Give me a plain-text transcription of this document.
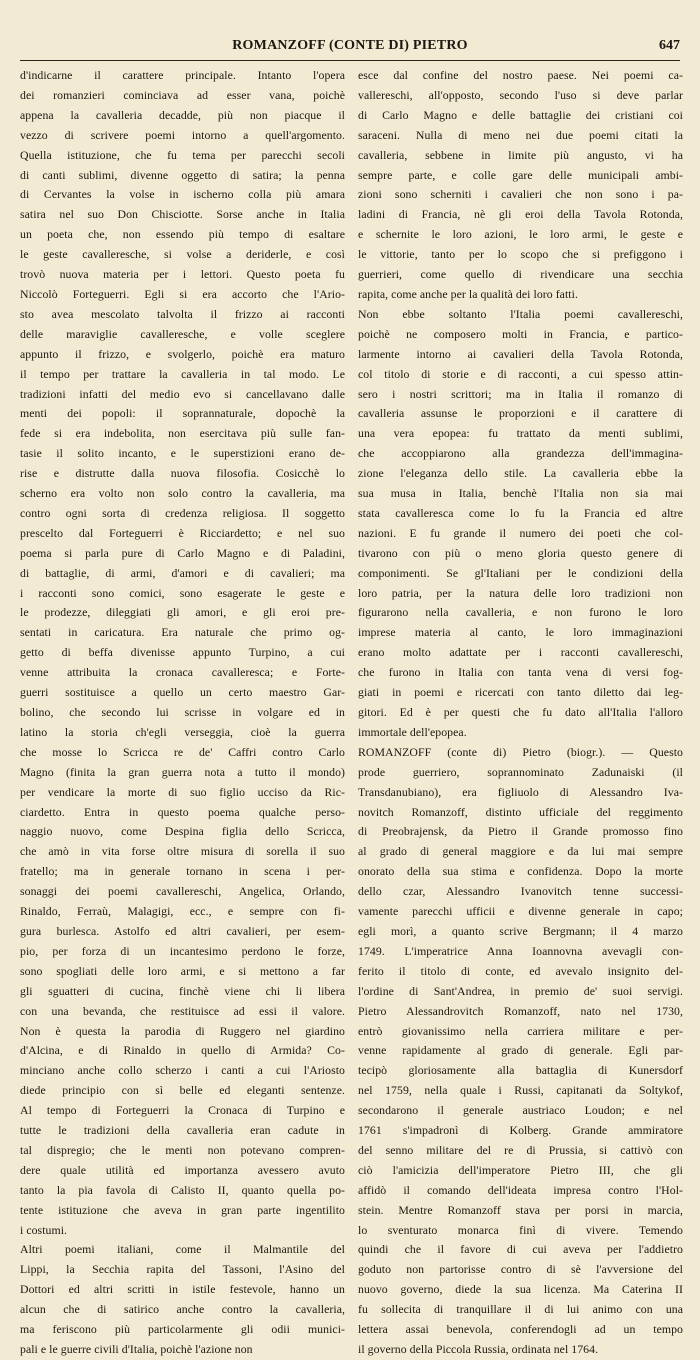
ROMANZOFF (CONTE DI) PIETRO	647
d'indicarne il carattere principale. Intanto l'opera
dei romanzieri cominciava ad esser vana, poichè
appena la cavalleria decadde, più non piacque il
vezzo di scrivere poemi intorno a quell'argomento.
Quella istituzione, che fu tema per parecchi secoli
di canti sublimi, divenne oggetto di satira; la penna
di Cervantes la volse in ischerno colla più amara
satira nel suo Don Chisciotte. Sorse anche in Italia
un poeta che, non essendo più tempo di esaltare
le geste cavalleresche, si volse a deriderle, e così
trovò nuova materia per i lettori. Questo poeta fu
Niccolò Forteguerri. Egli si era accorto che l'Ario-
sto avea mescolato talvolta il frizzo ai racconti
delle maraviglie cavalleresche, e volle sceglere
appunto il frizzo, e svolgerlo, poichè era maturo
il tempo per trattare la cavalleria in tal modo. Le
tradizioni infatti del medio evo si cancellavano dalle
menti dei popoli: il soprannaturale, dopochè la
fede si era indebolita, non esercitava più sulle fan-
tasie il solito incanto, e le superstizioni erano de-
rise e distrutte dalla nuova filosofia. Cosicchè lo
scherno era volto non solo contro la cavalleria, ma
contro ogni sorta di credenza religiosa. Il soggetto
prescelto dal Forteguerri è Ricciardetto; e nel suo
poema si parla pure di Carlo Magno e di Paladini,
di battaglie, di armi, d'amori e di cavalieri; ma
i racconti sono comici, sono esagerate le geste e
le prodezze, dileggiati gli amori, e gli eroi pre-
sentati in caricatura. Era naturale che primo og-
getto di beffa divenisse appunto Turpino, a cui
venne attribuita la cronaca cavalleresca; e Forte-
guerri sostituisce a quello un certo maestro Gar-
bolino, che secondo lui scrisse in volgare ed in
latino la storia ch'egli verseggia, cioè la guerra
che mosse lo Scricca re de' Caffri contro Carlo
Magno (finita la gran guerra nota a tutto il mondo)
per vendicare la morte di suo figlio ucciso da Ric-
ciardetto. Entra in questo poema qualche perso-
naggio nuovo, come Despina figlia dello Scricca,
che amò in vita forse oltre misura di sorella il suo
fratello; ma in generale tornano in scena i per-
sonaggi dei poemi cavallereschi, Angelica, Orlando,
Rinaldo, Ferraù, Malagigi, ecc., e sempre con fi-
gura burlesca. Astolfo ed altri cavalieri, per esem-
pio, per forza di un incantesimo perdono le forze,
sono spogliati delle loro armi, e si mettono a far
gli sguatteri di cucina, finchè viene chi li libera
con una bevanda, che restituisce ad essi il valore.
Non è questa la parodia di Ruggero nel giardino
d'Alcina, e di Rinaldo in quello di Armida? Co-
minciano anche collo scherzo i canti a cui l'Ariosto
diede principio con sì belle ed eleganti sentenze.
Al tempo di Forteguerri la Cronaca di Turpino e
tutte le tradizioni della cavalleria eran cadute in
tal dispregio; che le menti non potevano compren-
dere quale utilità ed importanza avessero avuto
tanto la pia favola di Calisto II, quanto quella po-
tente istituzione che aveva in gran parte ingentilito
i costumi.
Altri poemi italiani, come il Malmantile del
Lippi, la Secchia rapita del Tassoni, l'Asino del
Dottori ed altri scritti in istile festevole, hanno un
alcun che di satirico anche contro la cavalleria,
ma feriscono più particolarmente gli odii munici-
pali e le guerre civili d'Italia, poichè l'azione non
esce dal confine del nostro paese. Nei poemi ca-
vallereschi, all'opposto, secondo l'uso si deve parlar
di Carlo Magno e delle battaglie dei cristiani coi
saraceni. Nulla di meno nei due poemi citati la
cavalleria, sebbene in limite più angusto, vi ha
sempre parte, e colle gare delle municipali ambi-
zioni sono scherniti i cavalieri che non sono i pa-
ladini di Francia, nè gli eroi della Tavola Rotonda,
e schernite le loro azioni, le loro armi, le geste e
le vittorie, tanto per lo scopo che si prefiggono i
guerrieri, come quello di rivendicare una secchia
rapita, come anche per la qualità dei loro fatti.
Non ebbe soltanto l'Italia poemi cavallereschi,
poichè ne composero molti in Francia, e partico-
larmente intorno ai cavalieri della Tavola Rotonda,
col titolo di storie e di racconti, a cui spesso attin-
sero i nostri scrittori; ma in Italia il romanzo di
cavalleria assunse le proporzioni e il carattere di
una vera epopea: fu trattato da menti sublimi,
che accoppiarono alla grandezza dell'immagina-
zione l'eleganza dello stile. La cavalleria ebbe la
sua musa in Italia, benchè l'Italia non sia mai
stata cavalleresca come lo fu la Francia ed altre
nazioni. E fu grande il numero dei poeti che col-
tivarono con più o meno gloria questo genere di
componimenti. Se gl'Italiani per le condizioni della
loro patria, per la natura delle loro tradizioni non
figurarono nella cavalleria, e non furono le loro
imprese materia al canto, le loro immaginazioni
erano molto adattate per i racconti cavallereschi,
che furono in Italia con tanta vena di versi fog-
giati in poemi e ricercati con tanto diletto dai leg-
gitori. Ed è per questi che fu dato all'Italia l'alloro
immortale dell'epopea.
ROMANZOFF (conte di) Pietro (biogr.). — Questo
prode guerriero, soprannominato Zadunaiski (il
Transdanubiano), era figliuolo di Alessandro Iva-
novitch Romanzoff, distinto ufficiale del reggimento
di Preobrajensk, da Pietro il Grande promosso fino
al grado di general maggiore e da lui mai sempre
onorato della sua stima e confidenza. Dopo la morte
dello czar, Alessandro Ivanovitch tenne successi-
vamente parecchi ufficii e divenne generale in capo;
egli morì, a quanto scrive Bergmann; il 4 marzo
1749. L'imperatrice Anna Ioannovna avevagli con-
ferito il titolo di conte, ed avevalo insignito del-
l'ordine di Sant'Andrea, in premio de' suoi servigi.
Pietro Alessandrovitch Romanzoff, nato nel 1730,
entrò giovanissimo nella carriera militare e per-
venne rapidamente al grado di generale. Egli par-
tecipò gloriosamente alla battaglia di Kunersdorf
nel 1759, nella quale i Russi, capitanati da Soltykof,
secondarono il generale austriaco Loudon; e nel
1761 s'impadronì di Kolberg. Grande ammiratore
del senno militare del re di Prussia, si cattivò con
ciò l'amicizia dell'imperatore Pietro III, che gli
affidò il comando dell'ideata impresa contro l'Hol-
stein. Mentre Romanzoff stava per porsi in marcia,
lo sventurato monarca finì di vivere. Temendo
quindi che il favore di cui aveva per l'addietro
goduto non partorisse contro di sè l'avversione del
nuovo governo, diede la sua licenza. Ma Caterina II
fu sollecita di tranquillare il di lui animo con una
lettera assai benevola, conferendogli ad un tempo
il governo della Piccola Russia, ordinata nel 1764.
